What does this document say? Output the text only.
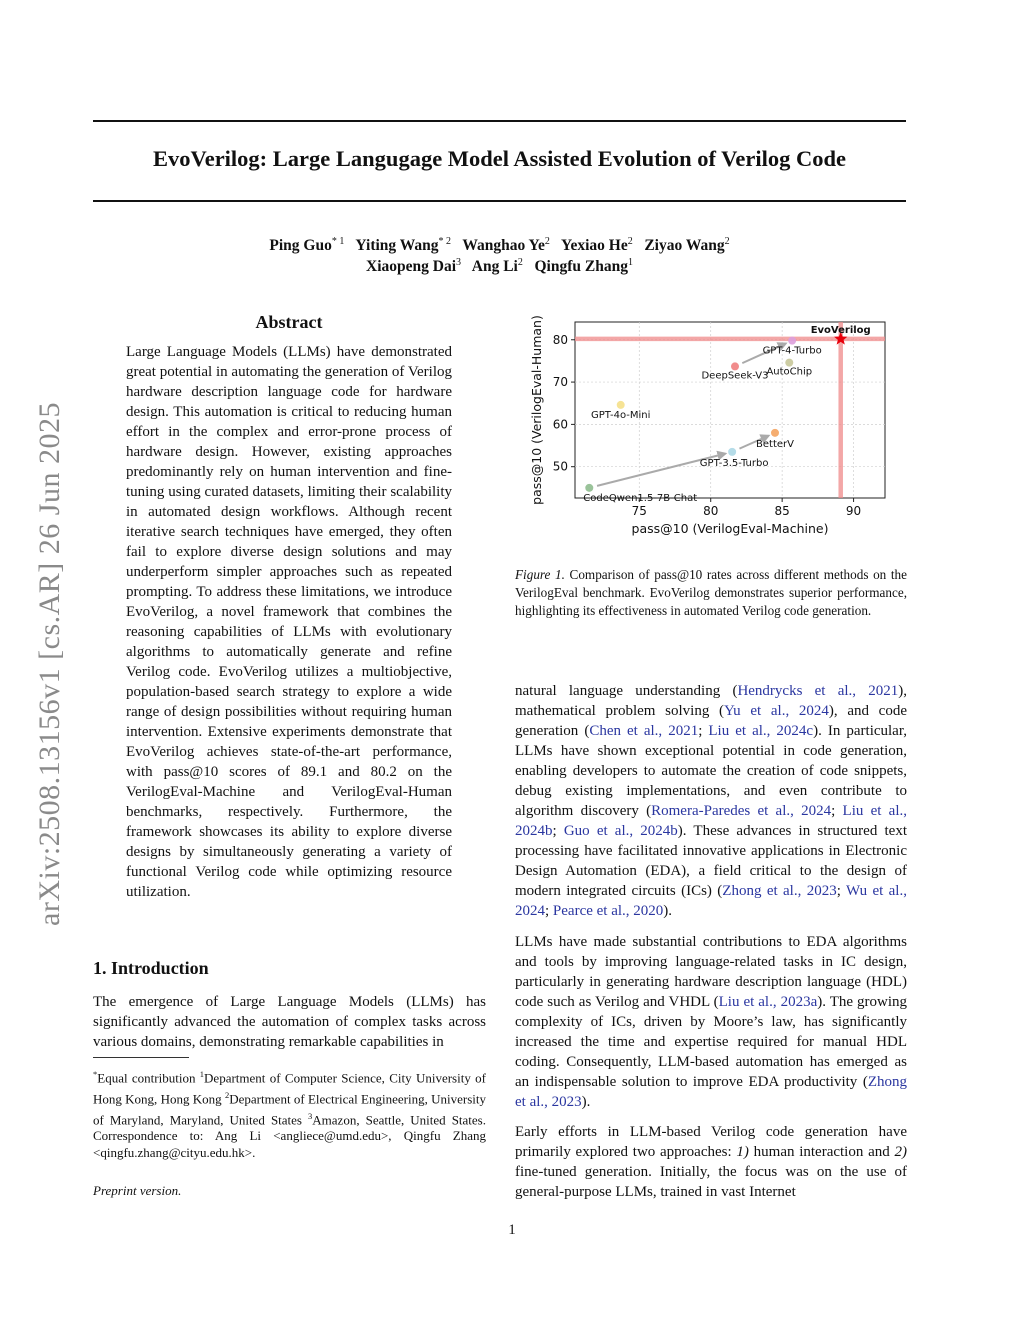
arXiv:2508.13156v1 [cs.AR] 26 Jun 2025
EvoVerilog: Large Langugage Model Assisted Evolution of Verilog Code
Ping Guo$^{* 1}$ Yiting Wang$^{* 2}$ Wanghao Ye$^2$ Yexiao He$^2$ Ziyao Wang$^2$
Xiaopeng Dai$^3$ Ang Li$^2$ Qingfu Zhang$^1$
Abstract
Large Language Models (LLMs) have demonstrated great potential in automating the generation of Verilog hardware description language code for hardware design. This automation is critical to reducing human effort in the complex and error-prone process of hardware design. However, existing approaches predominantly rely on human intervention and fine-tuning using curated datasets, limiting their scalability in automated design workflows. Although recent iterative search techniques have emerged, they often fail to explore diverse design solutions and may underperform simpler approaches such as repeated prompting. To address these limitations, we introduce EvoVerilog, a novel framework that combines the reasoning capabilities of LLMs with evolutionary algorithms to automatically generate and refine Verilog code. EvoVerilog utilizes a multiobjective, population-based search strategy to explore a wide range of design possibilities without requiring human intervention. Extensive experiments demonstrate that EvoVerilog achieves state-of-the-art performance, with pass@10 scores of 89.1 and 80.2 on the VerilogEval-Machine and VerilogEval-Human benchmarks, respectively. Furthermore, the framework showcases its ability to explore diverse designs by simultaneously generating a variety of functional Verilog code while optimizing resource utilization.
1. Introduction
The emergence of Large Language Models (LLMs) has significantly advanced the automation of complex tasks across various domains, demonstrating remarkable capabilities in
*Equal contribution $^1$Department of Computer Science, City University of Hong Kong, Hong Kong $^2$Department of Electrical Engineering, University of Maryland, Maryland, United States $^3$Amazon, Seattle, United States. Correspondence to: Ang Li <angliece@umd.edu>, Qingfu Zhang <qingfu.zhang@cityu.edu.hk>.
Preprint version.
CodeQwen1.5-7B-Chat
GPT-3.5-Turbo
BetterV
GPT-4o-Mini
DeepSeek-V3
AutoChip
GPT-4-Turbo
EvoVerilog
75	80	85	90
50
60
70
80
pass@10 (VerilogEval-Machine)
pass@10 (VerilogEval-Human)
Figure 1. Comparison of pass@10 rates across different methods on the VerilogEval benchmark. EvoVerilog demonstrates superior performance, highlighting its effectiveness in automated Verilog code generation.
natural language understanding (Hendrycks et al., 2021), mathematical problem solving (Yu et al., 2024), and code generation (Chen et al., 2021; Liu et al., 2024c). In particular, LLMs have shown exceptional potential in code generation, enabling developers to automate the creation of code snippets, debug existing implementations, and even contribute to algorithm discovery (Romera-Paredes et al., 2024; Liu et al., 2024b; Guo et al., 2024b). These advances in structured text processing have facilitated innovative applications in Electronic Design Automation (EDA), a field critical to the design of modern integrated circuits (ICs) (Zhong et al., 2023; Wu et al., 2024; Pearce et al., 2020).
LLMs have made substantial contributions to EDA algorithms and tools by improving language-related tasks in IC design, particularly in generating hardware description language (HDL) code such as Verilog and VHDL (Liu et al., 2023a). The growing complexity of ICs, driven by Moore’s law, has significantly increased the time and expertise required for manual HDL coding. Consequently, LLM-based automation has emerged as an indispensable solution to improve EDA productivity (Zhong et al., 2023).
Early efforts in LLM-based Verilog code generation have primarily explored two approaches: 1) human interaction and 2) fine-tuned generation. Initially, the focus was on the use of general-purpose LLMs, trained in vast Internet
1
